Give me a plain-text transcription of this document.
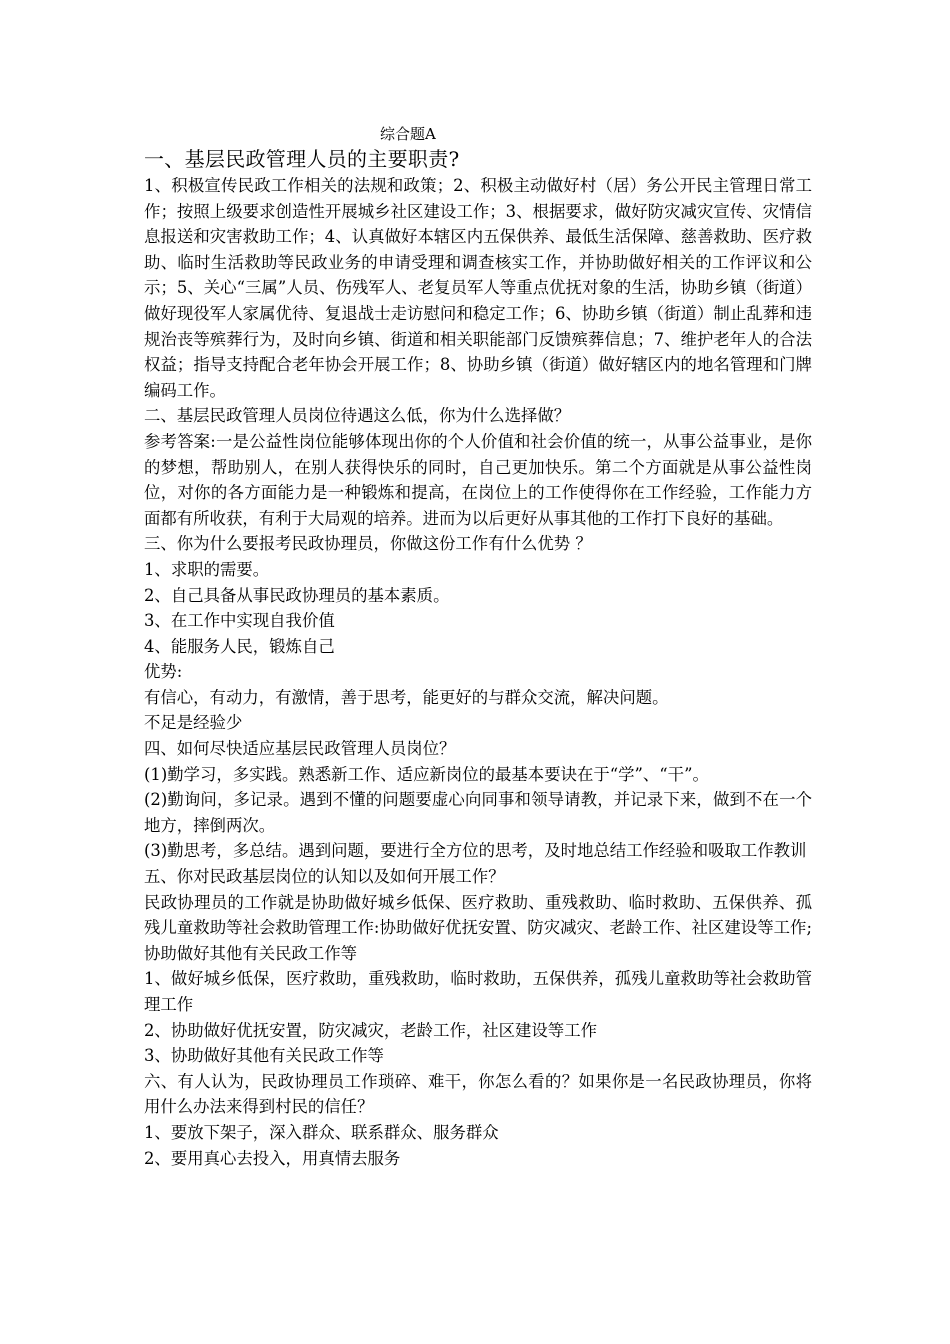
综合题A
一、基层民政管理人员的主要职责?

1、积极宣传民政工作相关的法规和政策；2、积极主动做好村（居）务公开民主管理日常工作；按照上级要求创造性开展城乡社区建设工作；3、根据要求，做好防灾减灾宣传、灾情信息报送和灾害救助工作；4、认真做好本辖区内五保供养、最低生活保障、慈善救助、医疗救助、临时生活救助等民政业务的申请受理和调查核实工作，并协助做好相关的工作评议和公示；5、关心“三属”人员、伤残军人、老复员军人等重点优抚对象的生活，协助乡镇（街道）做好现役军人家属优待、复退战士走访慰问和稳定工作；6、协助乡镇（街道）制止乱葬和违规治丧等殡葬行为，及时向乡镇、街道和相关职能部门反馈殡葬信息；7、维护老年人的合法权益；指导支持配合老年协会开展工作；8、协助乡镇（街道）做好辖区内的地名管理和门牌编码工作。

二、基层民政管理人员岗位待遇这么低，你为什么选择做？

参考答案:一是公益性岗位能够体现出你的个人价值和社会价值的统一，从事公益事业，是你的梦想，帮助别人，在别人获得快乐的同时，自己更加快乐。第二个方面就是从事公益性岗位，对你的各方面能力是一种锻炼和提高，在岗位上的工作使得你在工作经验，工作能力方面都有所收获，有利于大局观的培养。进而为以后更好从事其他的工作打下良好的基础。

三、你为什么要报考民政协理员，你做这份工作有什么优势 ？

1、求职的需要。

2、自己具备从事民政协理员的基本素质。

3、在工作中实现自我价值

4、能服务人民，锻炼自己

优势:

有信心，有动力，有激情，善于思考，能更好的与群众交流，解决问题。

不足是经验少

四、如何尽快适应基层民政管理人员岗位？

(1)勤学习，多实践。熟悉新工作、适应新岗位的最基本要诀在于“学”、“干”。

(2)勤询问，多记录。遇到不懂的问题要虚心向同事和领导请教，并记录下来，做到不在一个地方，摔倒两次。

(3)勤思考，多总结。遇到问题，要进行全方位的思考，及时地总结工作经验和吸取工作教训

五、你对民政基层岗位的认知以及如何开展工作？

民政协理员的工作就是协助做好城乡低保、医疗救助、重残救助、临时救助、五保供养、孤残儿童救助等社会救助管理工作:协助做好优抚安置、防灾减灾、老龄工作、社区建设等工作;协助做好其他有关民政工作等

1、做好城乡低保，医疗救助，重残救助，临时救助，五保供养，孤残儿童救助等社会救助管理工作

2、协助做好优抚安置，防灾减灾，老龄工作，社区建设等工作

3、协助做好其他有关民政工作等

六、有人认为，民政协理员工作琐碎、难干，你怎么看的？如果你是一名民政协理员，你将用什么办法来得到村民的信任？

1、要放下架子，深入群众、联系群众、服务群众

2、要用真心去投入，用真情去服务
